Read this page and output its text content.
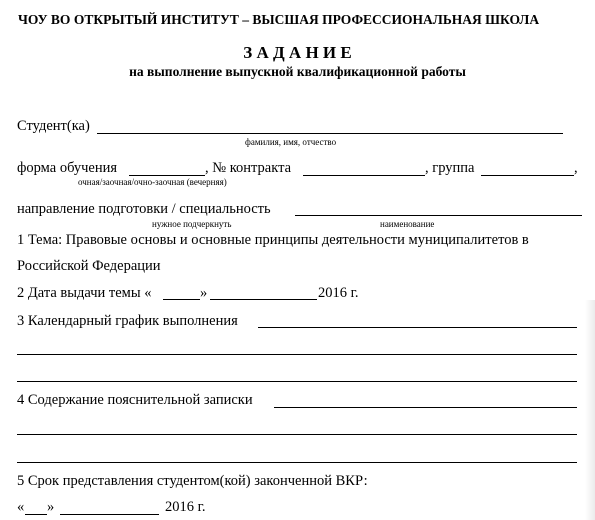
ЧОУ ВО ОТКРЫТЫЙ ИНСТИТУТ – ВЫСШАЯ ПРОФЕССИОНАЛЬНАЯ ШКОЛА
З А Д А Н И Е
на выполнение выпускной квалификационной работы
Студент(ка)
фамилия, имя, отчество
форма обучения	, № контракта	, группа	,
очная/заочная/очно-заочная (вечерняя)
направление подготовки / специальность
нужное подчеркнуть	наименование
1 Тема: Правовые основы и основные принципы деятельности муниципалитетов в
Российской Федерации
2 Дата выдачи темы «	»	2016 г.
3 Календарный график выполнения
4 Содержание пояснительной записки
5 Срок представления студентом(кой) законченной ВКР:
« »	2016 г.
